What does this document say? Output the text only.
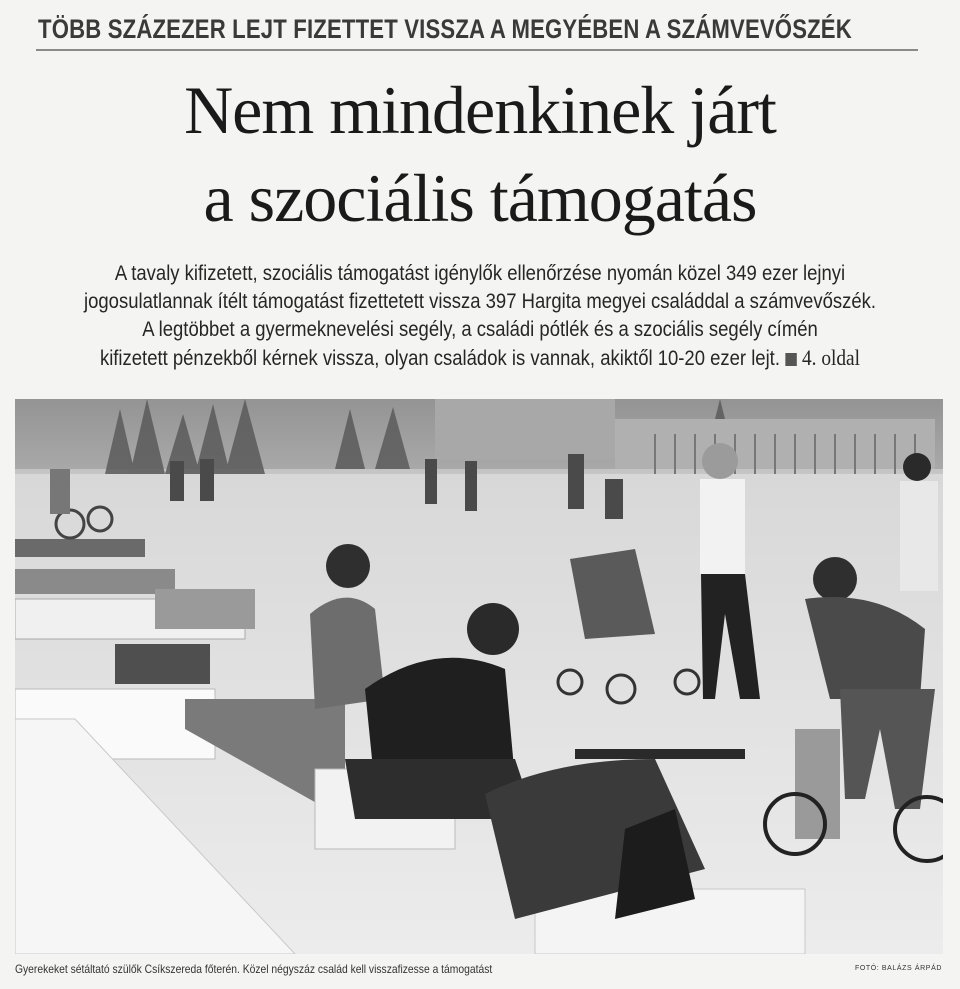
TÖBB SZÁZEZER LEJT FIZETTET VISSZA A MEGYÉBEN A SZÁMVEVŐSZÉK
Nem mindenkinek járt
a szociális támogatás
A tavaly kifizetett, szociális támogatást igénylők ellenőrzése nyomán közel 349 ezer lejnyi
jogosulatlannak ítélt támogatást fizettetett vissza 397 Hargita megyei családdal a számvevőszék.
A legtöbbet a gyermeknevelési segély, a családi pótlék és a szociális segély címén
kifizetett pénzekből kérnek vissza, olyan családok is vannak, akiktől 10-20 ezer lejt. 4. oldal
Gyerekeket sétáltató szülők Csíkszereda főterén. Közel négyszáz család kell visszafizesse a támogatást	FOTÓ: BALÁZS ÁRPÁD
